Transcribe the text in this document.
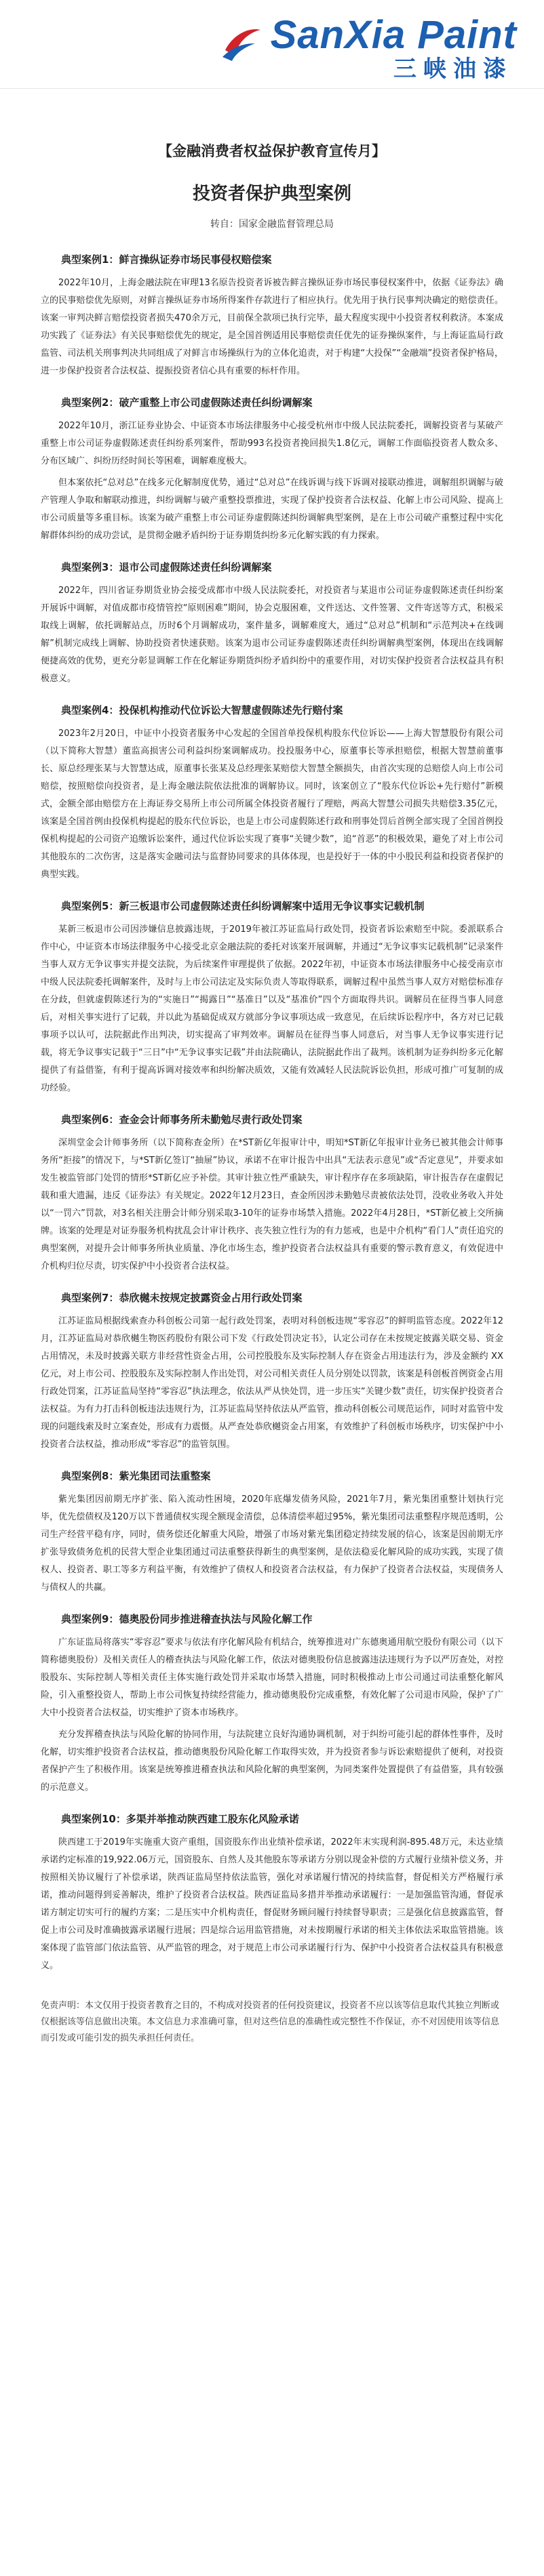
SanXia Paint
三峡油漆
【金融消费者权益保护教育宣传月】
投资者保护典型案例
转自：国家金融监督管理总局
典型案例1：鲜言操纵证券市场民事侵权赔偿案

2022年10月，上海金融法院在审理13名原告投资者诉被告鲜言操纵证券市场民事侵权案件中，依据《证券法》确立的民事赔偿优先原则，对鲜言操纵证券市场所得案件存款进行了相应执行。优先用于执行民事判决确定的赔偿责任。该案一审判决鲜言赔偿投资者损失470余万元，目前保全款项已执行完毕，最大程度实现中小投资者权利救济。本案成功实践了《证券法》有关民事赔偿优先的规定，是全国首例适用民事赔偿责任优先的证券操纵案件，与上海证监局行政监管、司法机关刑事判决共同组成了对鲜言市场操纵行为的立体化追责，对于构建“大投保”“金融端”投资者保护格局，进一步保护投资者合法权益、提振投资者信心具有重要的标杆作用。

典型案例2：破产重整上市公司虚假陈述责任纠纷调解案

2022年10月，浙江证券业协会、中证资本市场法律服务中心接受杭州市中级人民法院委托，调解投资者与某破产重整上市公司证券虚假陈述责任纠纷系列案件，帮助993名投资者挽回损失1.8亿元，调解工作面临投资者人数众多、分布区域广、纠纷历经时间长等困难，调解难度极大。

但本案依托“总对总”在线多元化解制度优势，通过“总对总”在线诉调与线下诉调对接联动推进，调解组织调解与破产管理人争取和解联动推进，纠纷调解与破产重整投票推进，实现了保护投资者合法权益、化解上市公司风险、提高上市公司质量等多重目标。该案为破产重整上市公司证券虚假陈述纠纷调解典型案例，是在上市公司破产重整过程中实化解群体纠纷的成功尝试，是贯彻金融矛盾纠纷于证券期货纠纷多元化解实践的有力探索。

典型案例3：退市公司虚假陈述责任纠纷调解案

2022年，四川省证券期货业协会接受成都市中级人民法院委托，对投资者与某退市公司证券虚假陈述责任纠纷案开展诉中调解，对值成都市疫情管控“原则困难”期间，协会克服困难，文件送达、文件签署、文件寄送等方式，积极采取线上调解，依托调解站点，历时6个月调解成功，案件量多，调解难度大，通过“总对总”机制和“示范判决+在线调解”机制完成线上调解、协助投资者快速获赔。该案为退市公司证券虚假陈述责任纠纷调解典型案例，体现出在线调解便捷高效的优势，更充分彰显调解工作在化解证券期货纠纷矛盾纠纷中的重要作用，对切实保护投资者合法权益具有积极意义。

典型案例4：投保机构推动代位诉讼大智慧虚假陈述先行赔付案

2023年2月20日，中证中小投资者服务中心发起的全国首单投保机构股东代位诉讼——上海大智慧股份有限公司（以下简称大智慧）董监高损害公司利益纠纷案调解成功。投投服务中心，原董事长等承担赔偿，根据大智慧前董事长、原总经理张某与大智慧达成，原董事长张某及总经理张某赔偿大智慧全额损失，由首次实现的总赔偿人向上市公司赔偿，按照赔偿向投资者，是上海金融法院依法批准的调解协议。同时，该案创立了“股东代位诉讼+先行赔付”新模式，金额全部由赔偿方在上海证券交易所上市公司所属全体投资者履行了理赔，两高大智慧公司损失共赔偿3.35亿元，该案是全国首例由投保机构提起的股东代位诉讼，也是上市公司虚假陈述行政和刑事处罚后首例全部实现了全国首例投保机构提起的公司资产追缴诉讼案件，通过代位诉讼实现了赛事“关键少数”，追“首恶”的积极效果，避免了对上市公司其他股东的二次伤害，这是落实金融司法与监督协同要求的具体体现，也是投好于一体的中小股民利益和投资者保护的典型实践。

典型案例5：新三板退市公司虚假陈述责任纠纷调解案中适用无争议事实记载机制

某新三板退市公司因涉嫌信息披露违规，于2019年被江苏证监局行政处罚，投资者诉讼索赔至中院。委派联系合作中心，中证资本市场法律服务中心接受北京金融法院的委托对该案开展调解，并通过“无争议事实记载机制”记录案件当事人双方无争议事实并提交法院，为后续案件审理提供了依据。2022年初，中证资本市场法律服务中心接受南京市中级人民法院委托调解案件，及时与上市公司法定及实际负责人等取得联系，调解过程中虽然当事人双方对赔偿标准存在分歧，但就虚假陈述行为的“实施日”“揭露日”“基准日”以及“基准价”四个方面取得共识。调解员在征得当事人同意后，对相关事实进行了记载，并以此为基础促成双方就部分争议事项达成一致意见，在后续诉讼程序中，各方对已记载事项予以认可，法院据此作出判决，切实提高了审判效率。调解员在征得当事人同意后，对当事人无争议事实进行记载，将无争议事实记载于“三日”中“无争议事实记载”并由法院确认，法院据此作出了裁判。该机制为证券纠纷多元化解提供了有益借鉴，有利于提高诉调对接效率和纠纷解决质效，又能有效减轻人民法院诉讼负担，形成可推广可复制的成功经验。

典型案例6：查金会计师事务所未勤勉尽责行政处罚案

深圳堂金会计师事务所（以下简称查金所）在*ST新亿年报审计中，明知*ST新亿年报审计业务已被其他会计师事务所“拒接”的情况下，与*ST新亿签订“抽屉”协议，承诺不在审计报告中出具“无法表示意见”或“否定意见”，并要求如发生被监管部门处罚的情形*ST新亿应予补偿。其审计独立性严重缺失，审计程序存在多项缺陷，审计报告存在虚假记载和重大遗漏，违反《证券法》有关规定。2022年12月23日，查金所因涉未勤勉尽责被依法处罚，没收业务收入并处以“一罚六”罚款，对3名相关注册会计师分别采取3-10年的证券市场禁入措施。2022年4月28日，*ST新亿被上交所摘牌。该案的处理是对证券服务机构扰乱会计审计秩序、丧失独立性行为的有力惩戒，也是中介机构“看门人”责任追究的典型案例，对提升会计师事务所执业质量、净化市场生态，维护投资者合法权益具有重要的警示教育意义，有效促进中介机构归位尽责，切实保护中小投资者合法权益。

典型案例7：恭欣樾未按规定披露资金占用行政处罚案

江苏证监局根据线索查办科创板公司第一起行政处罚案，表明对科创板违规“零容忍”的鲜明监管态度。2022年12月，江苏证监局对恭欣樾生物医药股份有限公司下发《行政处罚决定书》，认定公司存在未按规定披露关联交易、资金占用情况，未及时披露关联方非经营性资金占用，公司控股股东及实际控制人存在资金占用违法行为，涉及金额约 XX 亿元，对上市公司、控股股东及实际控制人作出处罚，对公司相关责任人员分别处以罚款，该案是科创板首例资金占用行政处罚案，江苏证监局坚持“零容忍”执法理念，依法从严从快处罚，进一步压实“关键少数”责任，切实保护投资者合法权益。为有力打击科创板违法违规行为，江苏证监局坚持依法从严监管，推动科创板公司规范运作，同时对监管中发现的问题线索及时立案查处，形成有力震慑。从严查处恭欣樾资金占用案，有效维护了科创板市场秩序，切实保护中小投资者合法权益，推动形成“零容忍”的监管氛围。

典型案例8：紫光集团司法重整案

紫光集团因前期无序扩张、陷入流动性困境，2020年底爆发债务风险，2021年7月，紫光集团重整计划执行完毕，优先偿债权及120万以下普通债权实现全额现金清偿，总体清偿率超过95%，紫光集团司法重整程序规范透明，公司生产经营平稳有序，同时，债务偿还化解重大风险，增强了市场对紫光集团稳定持续发展的信心，该案是因前期无序扩张导致债务危机的民营大型企业集团通过司法重整获得新生的典型案例，是依法稳妥化解风险的成功实践，实现了债权人、投资者、职工等多方利益平衡，有效维护了债权人和投资者合法权益，有力保护了投资者合法权益，实现债务人与债权人的共赢。

典型案例9：德奥股份同步推进稽查执法与风险化解工作

广东证监局将落实“零容忍”要求与依法有序化解风险有机结合，统筹推进对广东德奥通用航空股份有限公司（以下简称德奥股份）及相关责任人的稽查执法与风险化解工作，依法对德奥股份信息披露违法违规行为予以严厉查处，对控股股东、实际控制人等相关责任主体实施行政处罚并采取市场禁入措施，同时积极推动上市公司通过司法重整化解风险，引入重整投资人，帮助上市公司恢复持续经营能力，推动德奥股份完成重整，有效化解了公司退市风险，保护了广大中小投资者合法权益，切实维护了资本市场秩序。

充分发挥稽查执法与风险化解的协同作用，与法院建立良好沟通协调机制，对于纠纷可能引起的群体性事件，及时化解，切实维护投资者合法权益，推动德奥股份风险化解工作取得实效，并为投资者参与诉讼索赔提供了便利，对投资者保护产生了积极作用。该案是统筹推进稽查执法和风险化解的典型案例，为同类案件处置提供了有益借鉴，具有较强的示范意义。

典型案例10：多渠并举推动陕西建工股东化风险承诺

陕西建工于2019年实施重大资产重组，国资股东作出业绩补偿承诺，2022年末实现利润-895.48万元，未达业绩承诺约定标准的19,922.06万元，国资股东、自然人及其他股东等承诺方分别以现金补偿的方式履行业绩补偿义务，并按照相关协议履行了补偿承诺，陕西证监局坚持依法监管，强化对承诺履行情况的持续监督，督促相关方严格履行承诺，推动问题得到妥善解决，维护了投资者合法权益。陕西证监局多措并举推动承诺履行：一是加强监管沟通，督促承诺方制定切实可行的履约方案；二是压实中介机构责任，督促财务顾问履行持续督导职责；三是强化信息披露监管，督促上市公司及时准确披露承诺履行进展；四是综合运用监管措施，对未按期履行承诺的相关主体依法采取监管措施。该案体现了监管部门依法监管、从严监管的理念，对于规范上市公司承诺履行行为、保护中小投资者合法权益具有积极意义。

免责声明：本文仅用于投资者教育之目的，不构成对投资者的任何投资建议，投资者不应以该等信息取代其独立判断或仅根据该等信息做出决策。本文信息力求准确可靠，但对这些信息的准确性或完整性不作保证，亦不对因使用该等信息而引发或可能引发的损失承担任何责任。
